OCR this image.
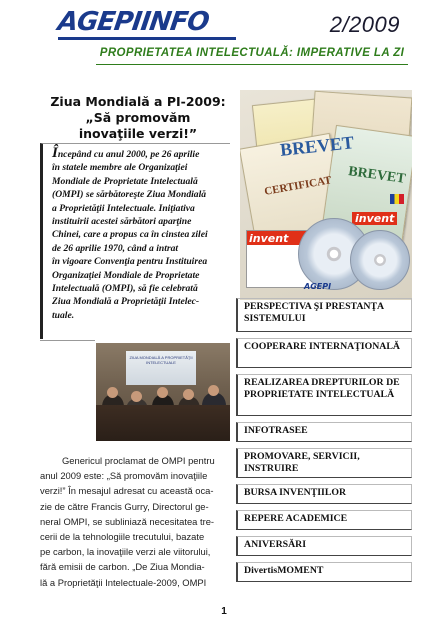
AGEPIINFO	2/2009
PROPRIETATEA INTELECTUALĂ: IMPERATIVE LA ZI
Ziua Mondială a PI-2009:
„Să promovăm
inovaţiile verzi!”
Începând cu anul 2000, pe 26 aprilie
în statele membre ale Organizaţiei
Mondiale de Proprietate Intelectuală
(OMPI) se sărbătoreşte Ziua Mondială
a Proprietăţii Intelectuale. Iniţiativa
instituirii acestei sărbători aparţine
Chinei, care a propus ca în cinstea zilei
de 26 aprilie 1970, când a intrat
în vigoare Convenţia pentru Instituirea
Organizaţiei Mondiale de Proprietate
Intelectuală (OMPI), să fie celebrată
Ziua Mondială a Proprietăţii Intelec-
tuale.
BREVET
CERTIFICAT BREVET
invent
invent
AGEPI
ZIUA MONDIALĂ A PROPRIETĂŢII INTELECTUALE
Genericul proclamat de OMPI pentru
anul 2009 este: „Să promovăm inovaţiile
verzi!” În mesajul adresat cu această oca-
zie de către Francis Gurry, Directorul ge-
neral OMPI, se subliniază necesitatea tre-
cerii de la tehnologiile trecutului, bazate
pe carbon, la inovaţiile verzi ale viitorului,
fără emisii de carbon. „De Ziua Mondia-
lă a Proprietăţii Intelectuale-2009, OMPI
PERSPECTIVA ŞI PRESTANŢA SISTEMULUI
COOPERARE INTERNAŢIONALĂ
REALIZAREA DREPTURILOR DE PROPRIETATE INTELECTUALĂ
INFOTRASEE
PROMOVARE, SERVICII, INSTRUIRE
BURSA INVENŢIILOR
REPERE ACADEMICE
ANIVERSĂRI
DivertisMOMENT
1
